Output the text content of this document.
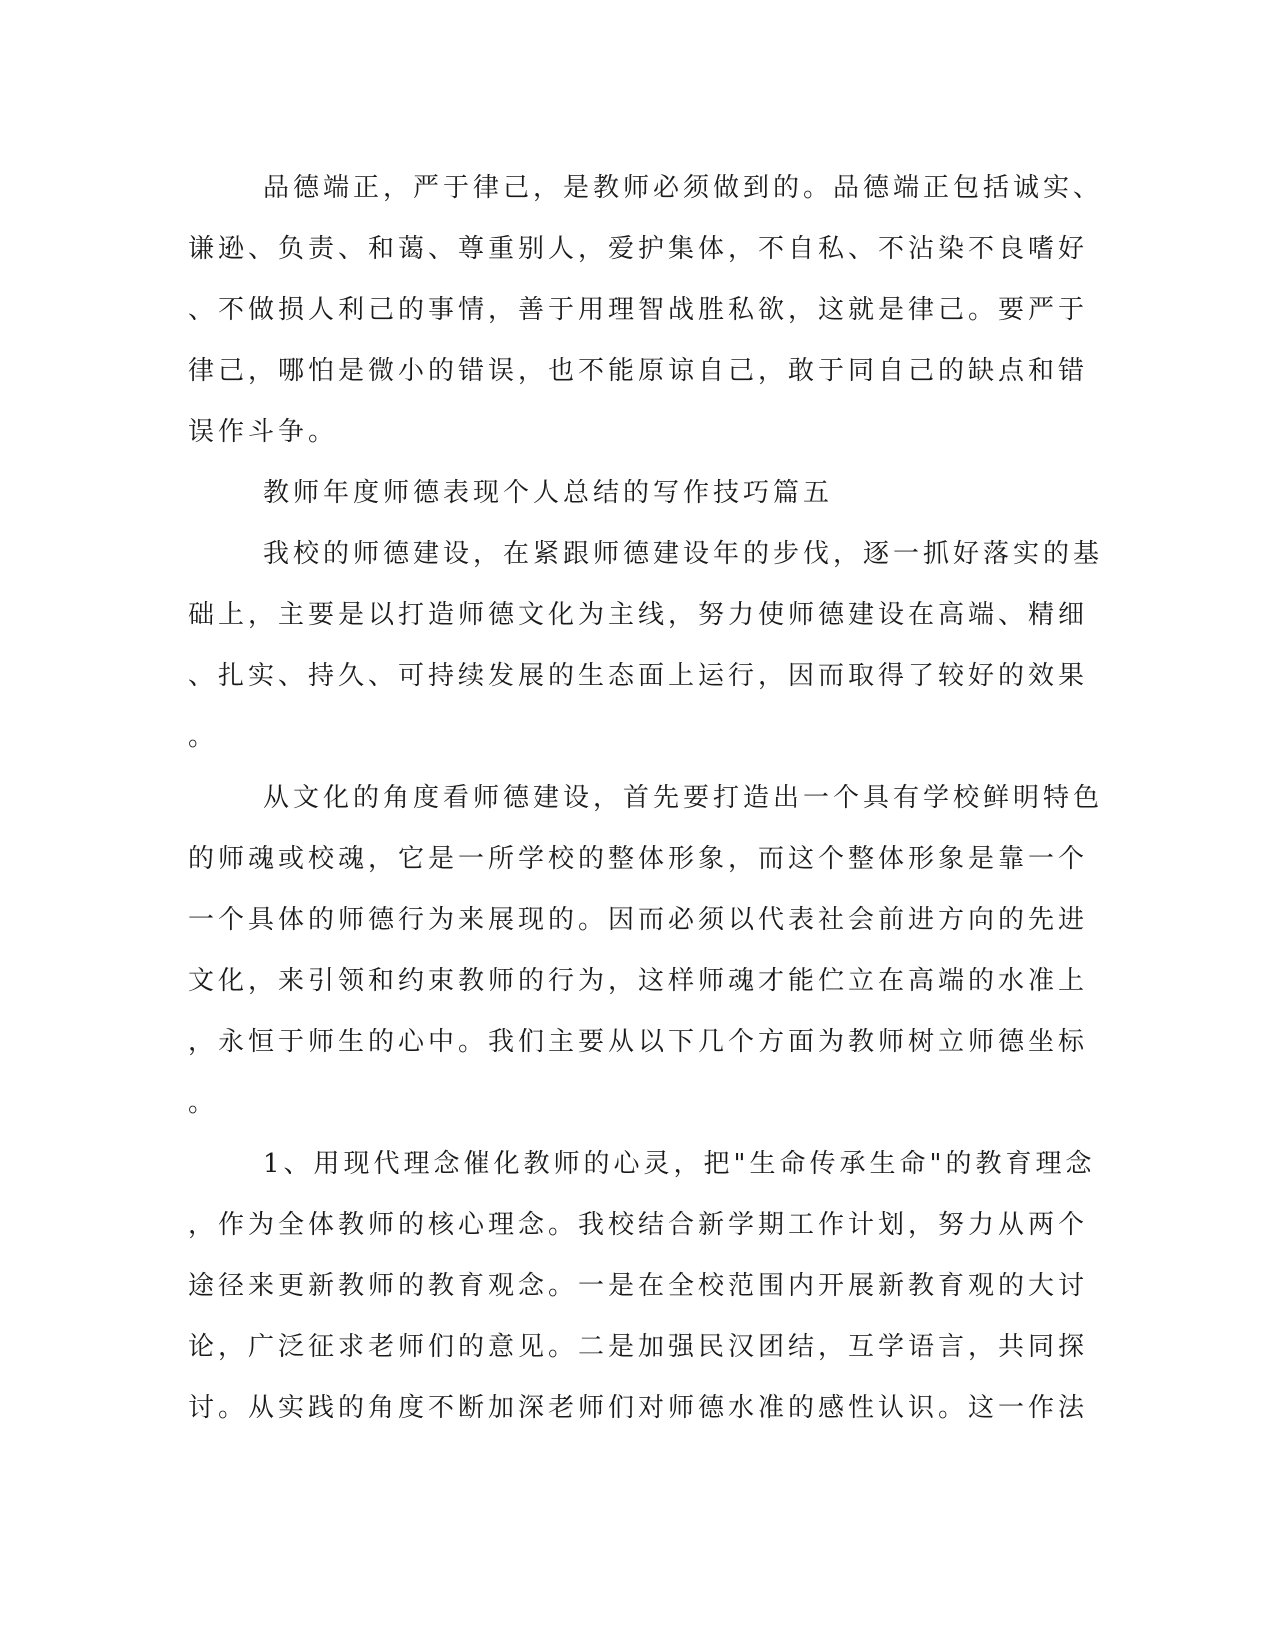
品德端正，严于律己，是教师必须做到的。品德端正包括诚实、
谦逊、负责、和蔼、尊重别人，爱护集体，不自私、不沾染不良嗜好
、不做损人利己的事情，善于用理智战胜私欲，这就是律己。要严于
律己，哪怕是微小的错误，也不能原谅自己，敢于同自己的缺点和错
误作斗争。
教师年度师德表现个人总结的写作技巧篇五
我校的师德建设，在紧跟师德建设年的步伐，逐一抓好落实的基
础上，主要是以打造师德文化为主线，努力使师德建设在高端、精细
、扎实、持久、可持续发展的生态面上运行，因而取得了较好的效果
。
从文化的角度看师德建设，首先要打造出一个具有学校鲜明特色
的师魂或校魂，它是一所学校的整体形象，而这个整体形象是靠一个
一个具体的师德行为来展现的。因而必须以代表社会前进方向的先进
文化，来引领和约束教师的行为，这样师魂才能伫立在高端的水准上
，永恒于师生的心中。我们主要从以下几个方面为教师树立师德坐标
。
1、用现代理念催化教师的心灵，把"生命传承生命"的教育理念
，作为全体教师的核心理念。我校结合新学期工作计划，努力从两个
途径来更新教师的教育观念。一是在全校范围内开展新教育观的大讨
论，广泛征求老师们的意见。二是加强民汉团结，互学语言，共同探
讨。从实践的角度不断加深老师们对师德水准的感性认识。这一作法
